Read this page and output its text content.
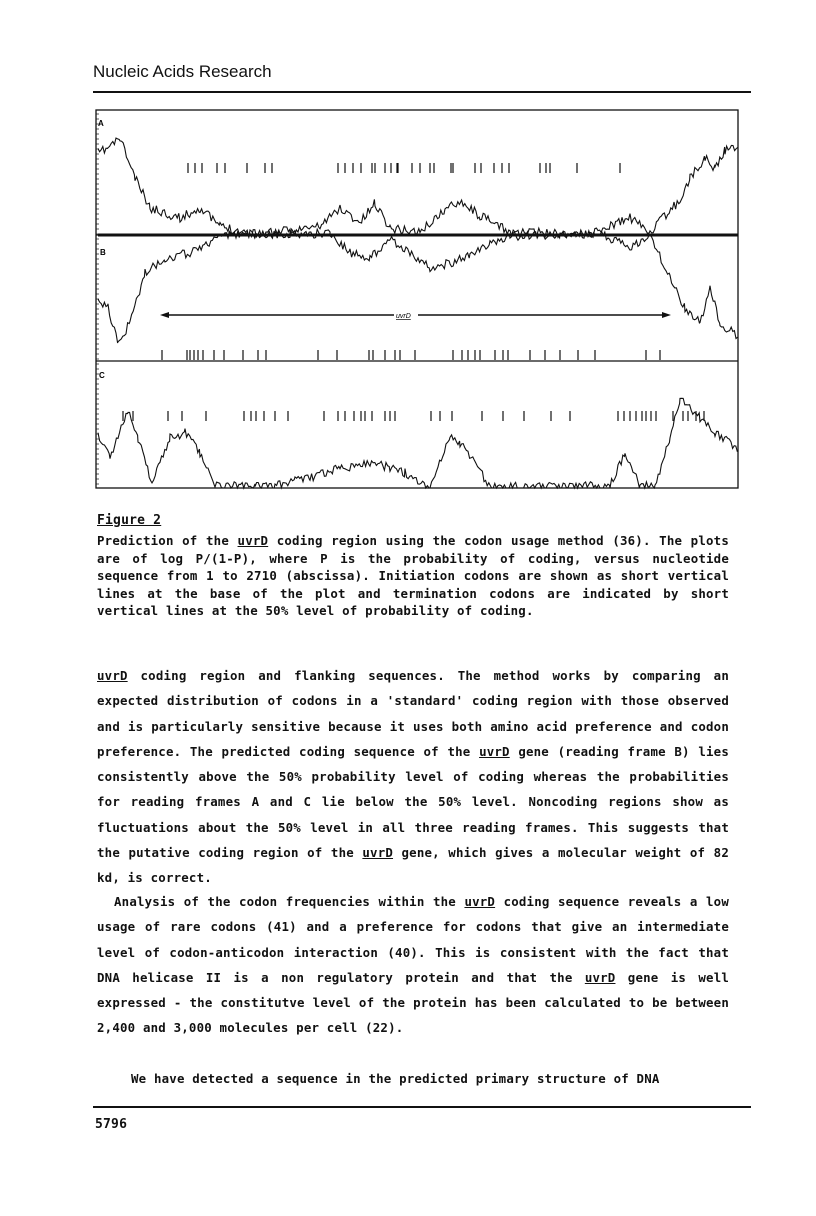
Nucleic Acids Research
A
B
C
uvrD
Figure 2
Prediction of the uvrD coding region using the codon usage method (36). The plots are of log P/(1-P), where P is the probability of coding, versus nucleotide sequence from 1 to 2710 (abscissa). Initiation codons are shown as short vertical lines at the base of the plot and termination codons are indicated by short vertical lines at the 50% level of probability of coding.
uvrD coding region and flanking sequences. The method works by comparing an expected distribution of codons in a 'standard' coding region with those observed and is particularly sensitive because it uses both amino acid preference and codon preference. The predicted coding sequence of the uvrD gene (reading frame B) lies consistently above the 50% probability level of coding whereas the probabilities for reading frames A and C lie below the 50% level. Noncoding regions show as fluctuations about the 50% level in all three reading frames. This suggests that the putative coding region of the uvrD gene, which gives a molecular weight of 82 kd, is correct.
Analysis of the codon frequencies within the uvrD coding sequence reveals a low usage of rare codons (41) and a preference for codons that give an intermediate level of codon-anticodon interaction (40). This is consistent with the fact that DNA helicase II is a non regulatory protein and that the uvrD gene is well expressed - the constitutve level of the protein has been calculated to be between 2,400 and 3,000 molecules per cell (22).
We have detected a sequence in the predicted primary structure of DNA
5796
